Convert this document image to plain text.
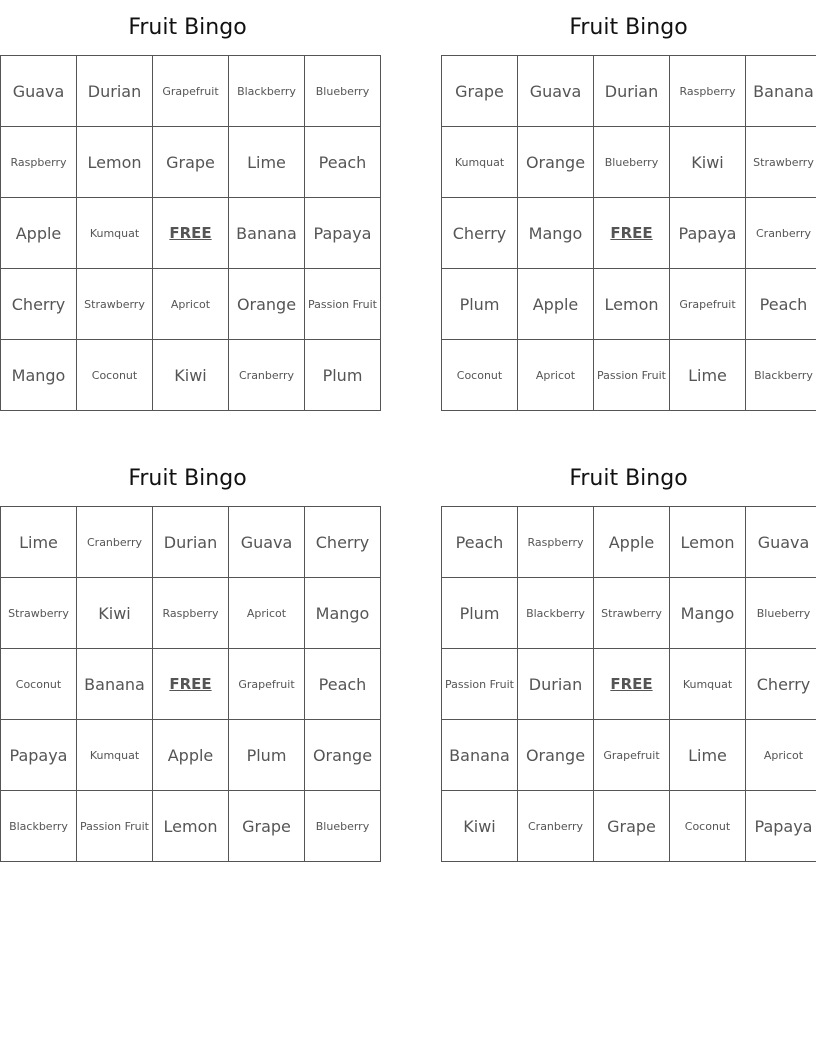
Fruit Bingo
Guava	Durian	Grapefruit	Blackberry	Blueberry
Raspberry	Lemon	Grape	Lime	Peach
Apple	Kumquat	FREE	Banana	Papaya
Cherry	Strawberry	Apricot	Orange	Passion Fruit
Mango	Coconut	Kiwi	Cranberry	Plum
Fruit Bingo
Grape	Guava	Durian	Raspberry	Banana
Kumquat	Orange	Blueberry	Kiwi	Strawberry
Cherry	Mango	FREE	Papaya	Cranberry
Plum	Apple	Lemon	Grapefruit	Peach
Coconut	Apricot	Passion Fruit	Lime	Blackberry
Fruit Bingo
Lime	Cranberry	Durian	Guava	Cherry
Strawberry	Kiwi	Raspberry	Apricot	Mango
Coconut	Banana	FREE	Grapefruit	Peach
Papaya	Kumquat	Apple	Plum	Orange
Blackberry	Passion Fruit	Lemon	Grape	Blueberry
Fruit Bingo
Peach	Raspberry	Apple	Lemon	Guava
Plum	Blackberry	Strawberry	Mango	Blueberry
Passion Fruit	Durian	FREE	Kumquat	Cherry
Banana	Orange	Grapefruit	Lime	Apricot
Kiwi	Cranberry	Grape	Coconut	Papaya
